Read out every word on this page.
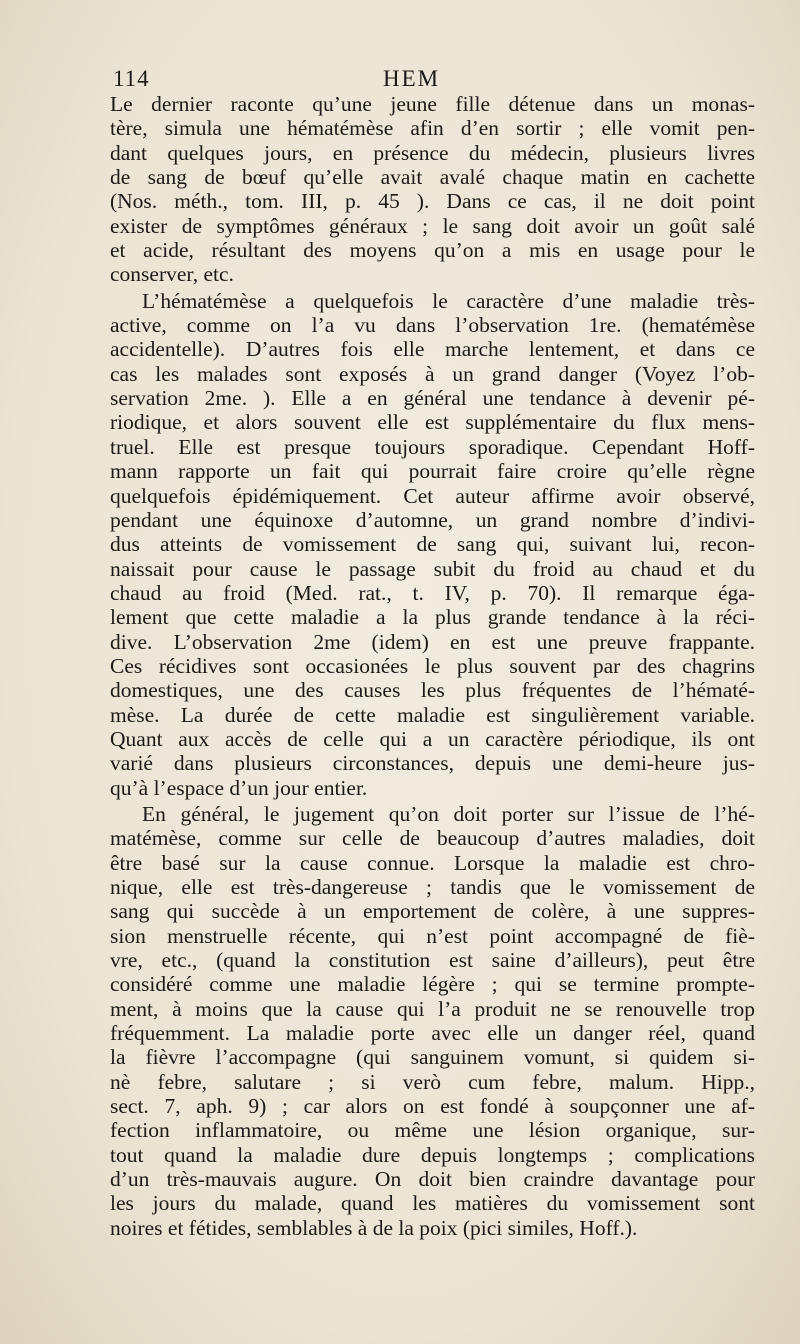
114	HEM
Le dernier raconte qu’une jeune fille détenue dans un monas-
tère, simula une hématémèse afin d’en sortir ; elle vomit pen-
dant quelques jours, en présence du médecin, plusieurs livres
de sang de bœuf qu’elle avait avalé chaque matin en cachette
(Nos. méth., tom. III, p. 45 ). Dans ce cas, il ne doit point
exister de symptômes généraux ; le sang doit avoir un goût salé
et acide, résultant des moyens qu’on a mis en usage pour le
conserver, etc.
L’hématémèse a quelquefois le caractère d’une maladie très-
active, comme on l’a vu dans l’observation 1re. (hematémèse
accidentelle). D’autres fois elle marche lentement, et dans ce
cas les malades sont exposés à un grand danger (Voyez l’ob-
servation 2me. ). Elle a en général une tendance à devenir pé-
riodique, et alors souvent elle est supplémentaire du flux mens-
truel. Elle est presque toujours sporadique. Cependant Hoff-
mann rapporte un fait qui pourrait faire croire qu’elle règne
quelquefois épidémiquement. Cet auteur affirme avoir observé,
pendant une équinoxe d’automne, un grand nombre d’indivi-
dus atteints de vomissement de sang qui, suivant lui, recon-
naissait pour cause le passage subit du froid au chaud et du
chaud au froid (Med. rat., t. IV, p. 70). Il remarque éga-
lement que cette maladie a la plus grande tendance à la réci-
dive. L’observation 2me (idem) en est une preuve frappante.
Ces récidives sont occasionées le plus souvent par des chagrins
domestiques, une des causes les plus fréquentes de l’hématé-
mèse. La durée de cette maladie est singulièrement variable.
Quant aux accès de celle qui a un caractère périodique, ils ont
varié dans plusieurs circonstances, depuis une demi-heure jus-
qu’à l’espace d’un jour entier.
En général, le jugement qu’on doit porter sur l’issue de l’hé-
matémèse, comme sur celle de beaucoup d’autres maladies, doit
être basé sur la cause connue. Lorsque la maladie est chro-
nique, elle est très-dangereuse ; tandis que le vomissement de
sang qui succède à un emportement de colère, à une suppres-
sion menstruelle récente, qui n’est point accompagné de fiè-
vre, etc., (quand la constitution est saine d’ailleurs), peut être
considéré comme une maladie légère ; qui se termine prompte-
ment, à moins que la cause qui l’a produit ne se renouvelle trop
fréquemment. La maladie porte avec elle un danger réel, quand
la fièvre l’accompagne (qui sanguinem vomunt, si quidem si-
nè febre, salutare ; si verò cum febre, malum. Hipp.,
sect. 7, aph. 9) ; car alors on est fondé à soupçonner une af-
fection inflammatoire, ou même une lésion organique, sur-
tout quand la maladie dure depuis longtemps ; complications
d’un très-mauvais augure. On doit bien craindre davantage pour
les jours du malade, quand les matières du vomissement sont
noires et fétides, semblables à de la poix (pici similes, Hoff.).
